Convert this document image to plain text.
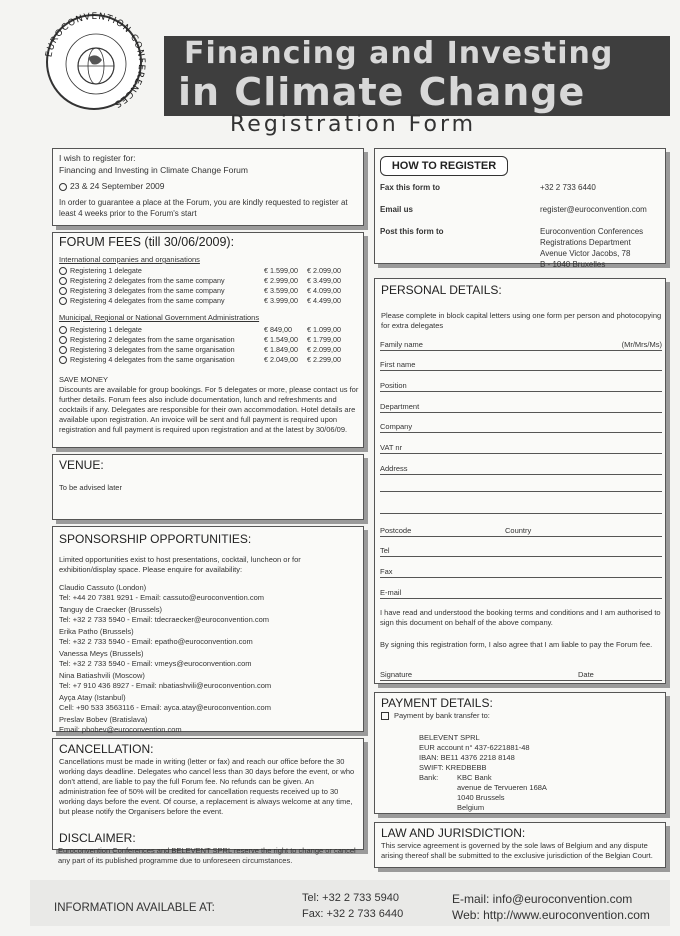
EUROCONVENTION CONFERENCES
Financing and Investing
in Climate Change
Registration Form
I wish to register for:
Financing and Investing in Climate Change Forum
23 & 24 September 2009
In order to guarantee a place at the Forum, you are kindly requested to register at least 4 weeks prior to the Forum's start
FORUM FEES (till 30/06/2009):
International companies and organisations
Municipal, Regional or National Government Administrations
SAVE MONEY
Discounts are available for group bookings. For 5 delegates or more, please contact us for further details. Forum fees also include documentation, lunch and refreshments and cocktails if any. Delegates are responsible for their own accommodation. Hotel details are available upon registration. An invoice will be sent and full payment is required upon registration and full payment is required upon registration and at the latest by 30/06/09.
Registering 1 delegate	€ 1.599,00 € 2.099,00
Registering 2 delegates from the same company	€ 2.999,00 € 3.499,00
Registering 3 delegates from the same company	€ 3.599,00 € 4.099,00
Registering 4 delegates from the same company	€ 3.999,00 € 4.499,00
Registering 1 delegate	€ 849,00 € 1.099,00
Registering 2 delegates from the same organisation	€ 1.549,00 € 1.799,00
Registering 3 delegates from the same organisation	€ 1.849,00 € 2.099,00
Registering 4 delegates from the same organisation	€ 2.049,00 € 2.299,00
VENUE:
To be advised later
SPONSORSHIP OPPORTUNITIES:
Limited opportunities exist to host presentations, cocktail, luncheon or for exhibition/display space. Please enquire for availability:
Claudio Cassuto (London)
Tel: +44 20 7381 9291 - Email: cassuto@euroconvention.com
Tanguy de Craecker (Brussels)
Tel: +32 2 733 5940 - Email: tdecraecker@euroconvention.com
Erika Patho (Brussels)
Tel: +32 2 733 5940 - Email: epatho@euroconvention.com
Vanessa Meys (Brussels)
Tel: +32 2 733 5940 - Email: vmeys@euroconvention.com
Nina Batiashvili (Moscow)
Tel: +7 910 436 8927 - Email: nbatiashvili@euroconvention.com
Ayça Atay (Istanbul)
Cell: +90 533 3563116 - Email: ayca.atay@euroconvention.com
Preslav Bobev (Bratislava)
Email: pbobev@euroconvention.com
CANCELLATION:
Cancellations must be made in writing (letter or fax) and reach our office before the 30 working days deadline. Delegates who cancel less than 30 days before the event, or who don't attend, are liable to pay the full Forum fee. No refunds can be given. An administration fee of 50% will be credited for cancellation requests received up to 30 working days before the event. Of course, a replacement is always welcome at any time, but please notify the Organisers before the event.
DISCLAIMER:
Euroconvention Conferences and BELEVENT SPRL reserve the right to change or cancel any part of its published programme due to unforeseen circumstances.
HOW TO REGISTER
Fax this form to	+32 2 733 6440
Email us	register@euroconvention.com
Post this form to	Euroconvention Conferences
Registrations Department
Avenue Victor Jacobs, 78
B - 1040 Bruxelles
PERSONAL DETAILS:
Please complete in block capital letters using one form per person and photocopying for extra delegates
Family name	(Mr/Mrs/Ms)
First name
Position
Department
Company
VAT nr
Address
Postcode	Country
Tel
Fax
E-mail
I have read and understood the booking terms and conditions and I am authorised to sign this document on behalf of the above company.
By signing this registration form, I also agree that I am liable to pay the Forum fee.
Signature	Date
PAYMENT DETAILS:
Payment by bank transfer to:
BELEVENT SPRL
EUR account n° 437-6221881-48
IBAN: BE11 4376 2218 8148
SWIFT: KREDBEBB
Bank:	KBC Bank
avenue de Tervueren 168A
1040 Brussels
Belgium
LAW AND JURISDICTION:
This service agreement is governed by the sole laws of Belgium and any dispute arising thereof shall be submitted to the exclusive jurisdiction of the Belgian Court.
INFORMATION AVAILABLE AT:
Tel: +32 2 733 5940
Fax: +32 2 733 6440
E-mail: info@euroconvention.com
Web: http://www.euroconvention.com
